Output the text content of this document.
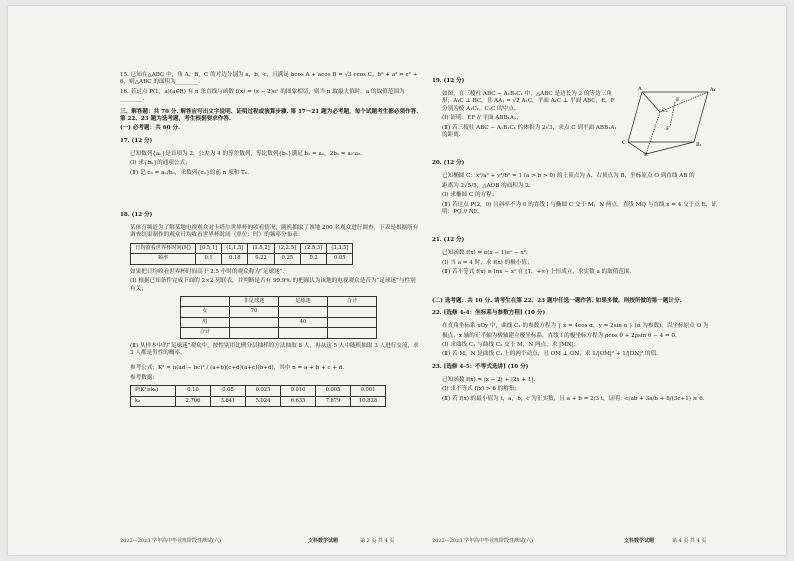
15. 已知在△ABC 中，角 A，B，C 的对边分别为 a，b，c，且满足 bcos A + acos B = √3 ccos C，b² + a² = c² + 6，则△ABC 的面积为________.

16. 若过点 P(1，a)(a∈R) 有 n 条直线与函数 f(x) = (x − 2)eˣ 的图象相切，则当 n 取最大值时，a 的取值范围为________.

三、解答题：共 70 分. 解答应写出文字说明、证明过程或演算步骤. 第 17～21 题为必考题，每个试题考生都必须作答. 第 22、23 题为选考题，考生根据要求作答.

(一) 必考题：共 60 分.

17. (12 分)

已知数列{aₙ}是首项为 2，公差为 4 的等差数列，等比数列{bₙ}满足 b₁ = a₁，2b₅ = a₂·a₃.

(Ⅰ) 求{bₙ}的通项公式；

(Ⅱ) 记 cₙ = aₙ/bₙ，求数列{cₙ}的前 n 项和 Tₙ.

18. (12 分)

某体育频道为了解某地电视观众对卡塔尔世界杯的收看情况，随机抽取了该地 200 名观众进行调查，下表是根据所有调查结果制作的观众日均收看世界杯时间（单位：时）的频率分布表：

日均收看世界杯时间(时)	[0.5,1]	(1,1.5]	(1.5,2]	(2,2.5]	(2.5,3]	(3,3.5]
频率	0.1	0.18	0.22	0.25	0.2	0.05

如果把日均收看世界杯时间高于 2.5 小时的观众称为“足球迷”.

(Ⅰ) 根据已知条件完成下面的 2×2 列联表，并判断是否有 99.9% 的把握认为该地的电视观众是否为“足球迷”与性别有关；

	非足球迷	足球迷	合计
女	70		
男		40	
合计			

(Ⅱ) 从样本中的“足球迷”观众中，按性别用比例分层抽样的方法抽取 8 人，再从这 5 人中随机抽取 3 人进行交流，求 3 人都是男性的概率.

参考公式：K² = n(ad − bc)² / (a+b)(c+d)(a+c)(b+d)，其中 n = a + b + c + d.

参考数据：

P(K²≥k₀)	0.10	0.05	0.025	0.010	0.005	0.001
k₀	2.706	3.841	5.024	6.635	7.879	10.828
2022—2023 学年高中毕业班阶段性测试(六)	文科数学试题	第 3 页 共 4 页

19. (12 分)

如图，在三棱柱 ABC − A₁B₁C₁ 中，△ABC 是边长为 2 的等边三角形，A₁C ⊥ BC，且 AA₁ = √2 A₁C，平面 A₁C ⊥ 平面 ABC，E，F 分别为棱 A₁C₁，C₁C 的中点.

(Ⅰ) 证明：EF // 平面 ABB₁A₁；

(Ⅱ) 若三棱柱 ABC − A₁B₁C₁ 的体积为 2√3，求点 C 到平面 ABB₁A₁ 的距离.

20. (12 分)

已知椭圆 C：x²/a² + y²/b² = 1 (a > b > 0) 的上顶点为 A，右顶点为 B，坐标原点 O 到直线 AB 的

距离为 2√5/5，△AOB 的面积为 2.

(Ⅰ) 求椭圆 C 的方程；

(Ⅱ) 若过点 P(2，0) 且斜率不为 0 的直线 l 与椭圆 C 交于 M，N 两点，直线 MQ 与直线 x = 4 交于点 E，证明：PQ // NE.

21. (12 分)

已知函数 f(x) = e(x − 1)eˣ − x².

(Ⅰ) 当 a = 4 时，求 f(x) 的极小值；

(Ⅱ) 若不等式 f(x) ≥ lnx − x² 在 [1，+∞) 上恒成立，求实数 a 的取值范围.

(二) 选考题：共 10 分. 请考生在第 22、23 题中任选一题作答. 如果多做，则按所做的第一题计分.

22. [选修 4-4：坐标系与参数方程] (10 分)

在直角坐标系 xOy 中，曲线 C₁ 的参数方程为 { x = 4cos α，y = 2sin α } (α 为参数)，以坐标原点 O 为

极点，x 轴的正半轴为极轴建立极坐标系，直线 l 的极坐标方程为 ρcos θ + 2ρsin θ − 4 = 0.

(Ⅰ) 求曲线 C₁ 与曲线 C₂ 交于 M，N 两点，求 |MN|；

(Ⅱ) 若 M，N 是曲线 C₁ 上的两个动点，且 OM ⊥ ON，求 1/|OM|² + 1/|ON|² 的值.

23. [选修 4-5：不等式选讲] (10 分)

已知函数 f(x) = |x − 2| + |2x + 1|.

(Ⅰ) 求不等式 f(x) > 6 的解集；

(Ⅱ) 若 f(x) 的最小值为 t，a，b，c 为正实数，且 a + b = 2/3 t，证明：c/ab + 3a/b + 8/(3c+1) ≥ 6.

A	A₁
B
B₁
C
C₁
E
F
2022—2023 学年高中毕业班阶段性测试(六)	文科数学试题	第 4 页 共 4 页
